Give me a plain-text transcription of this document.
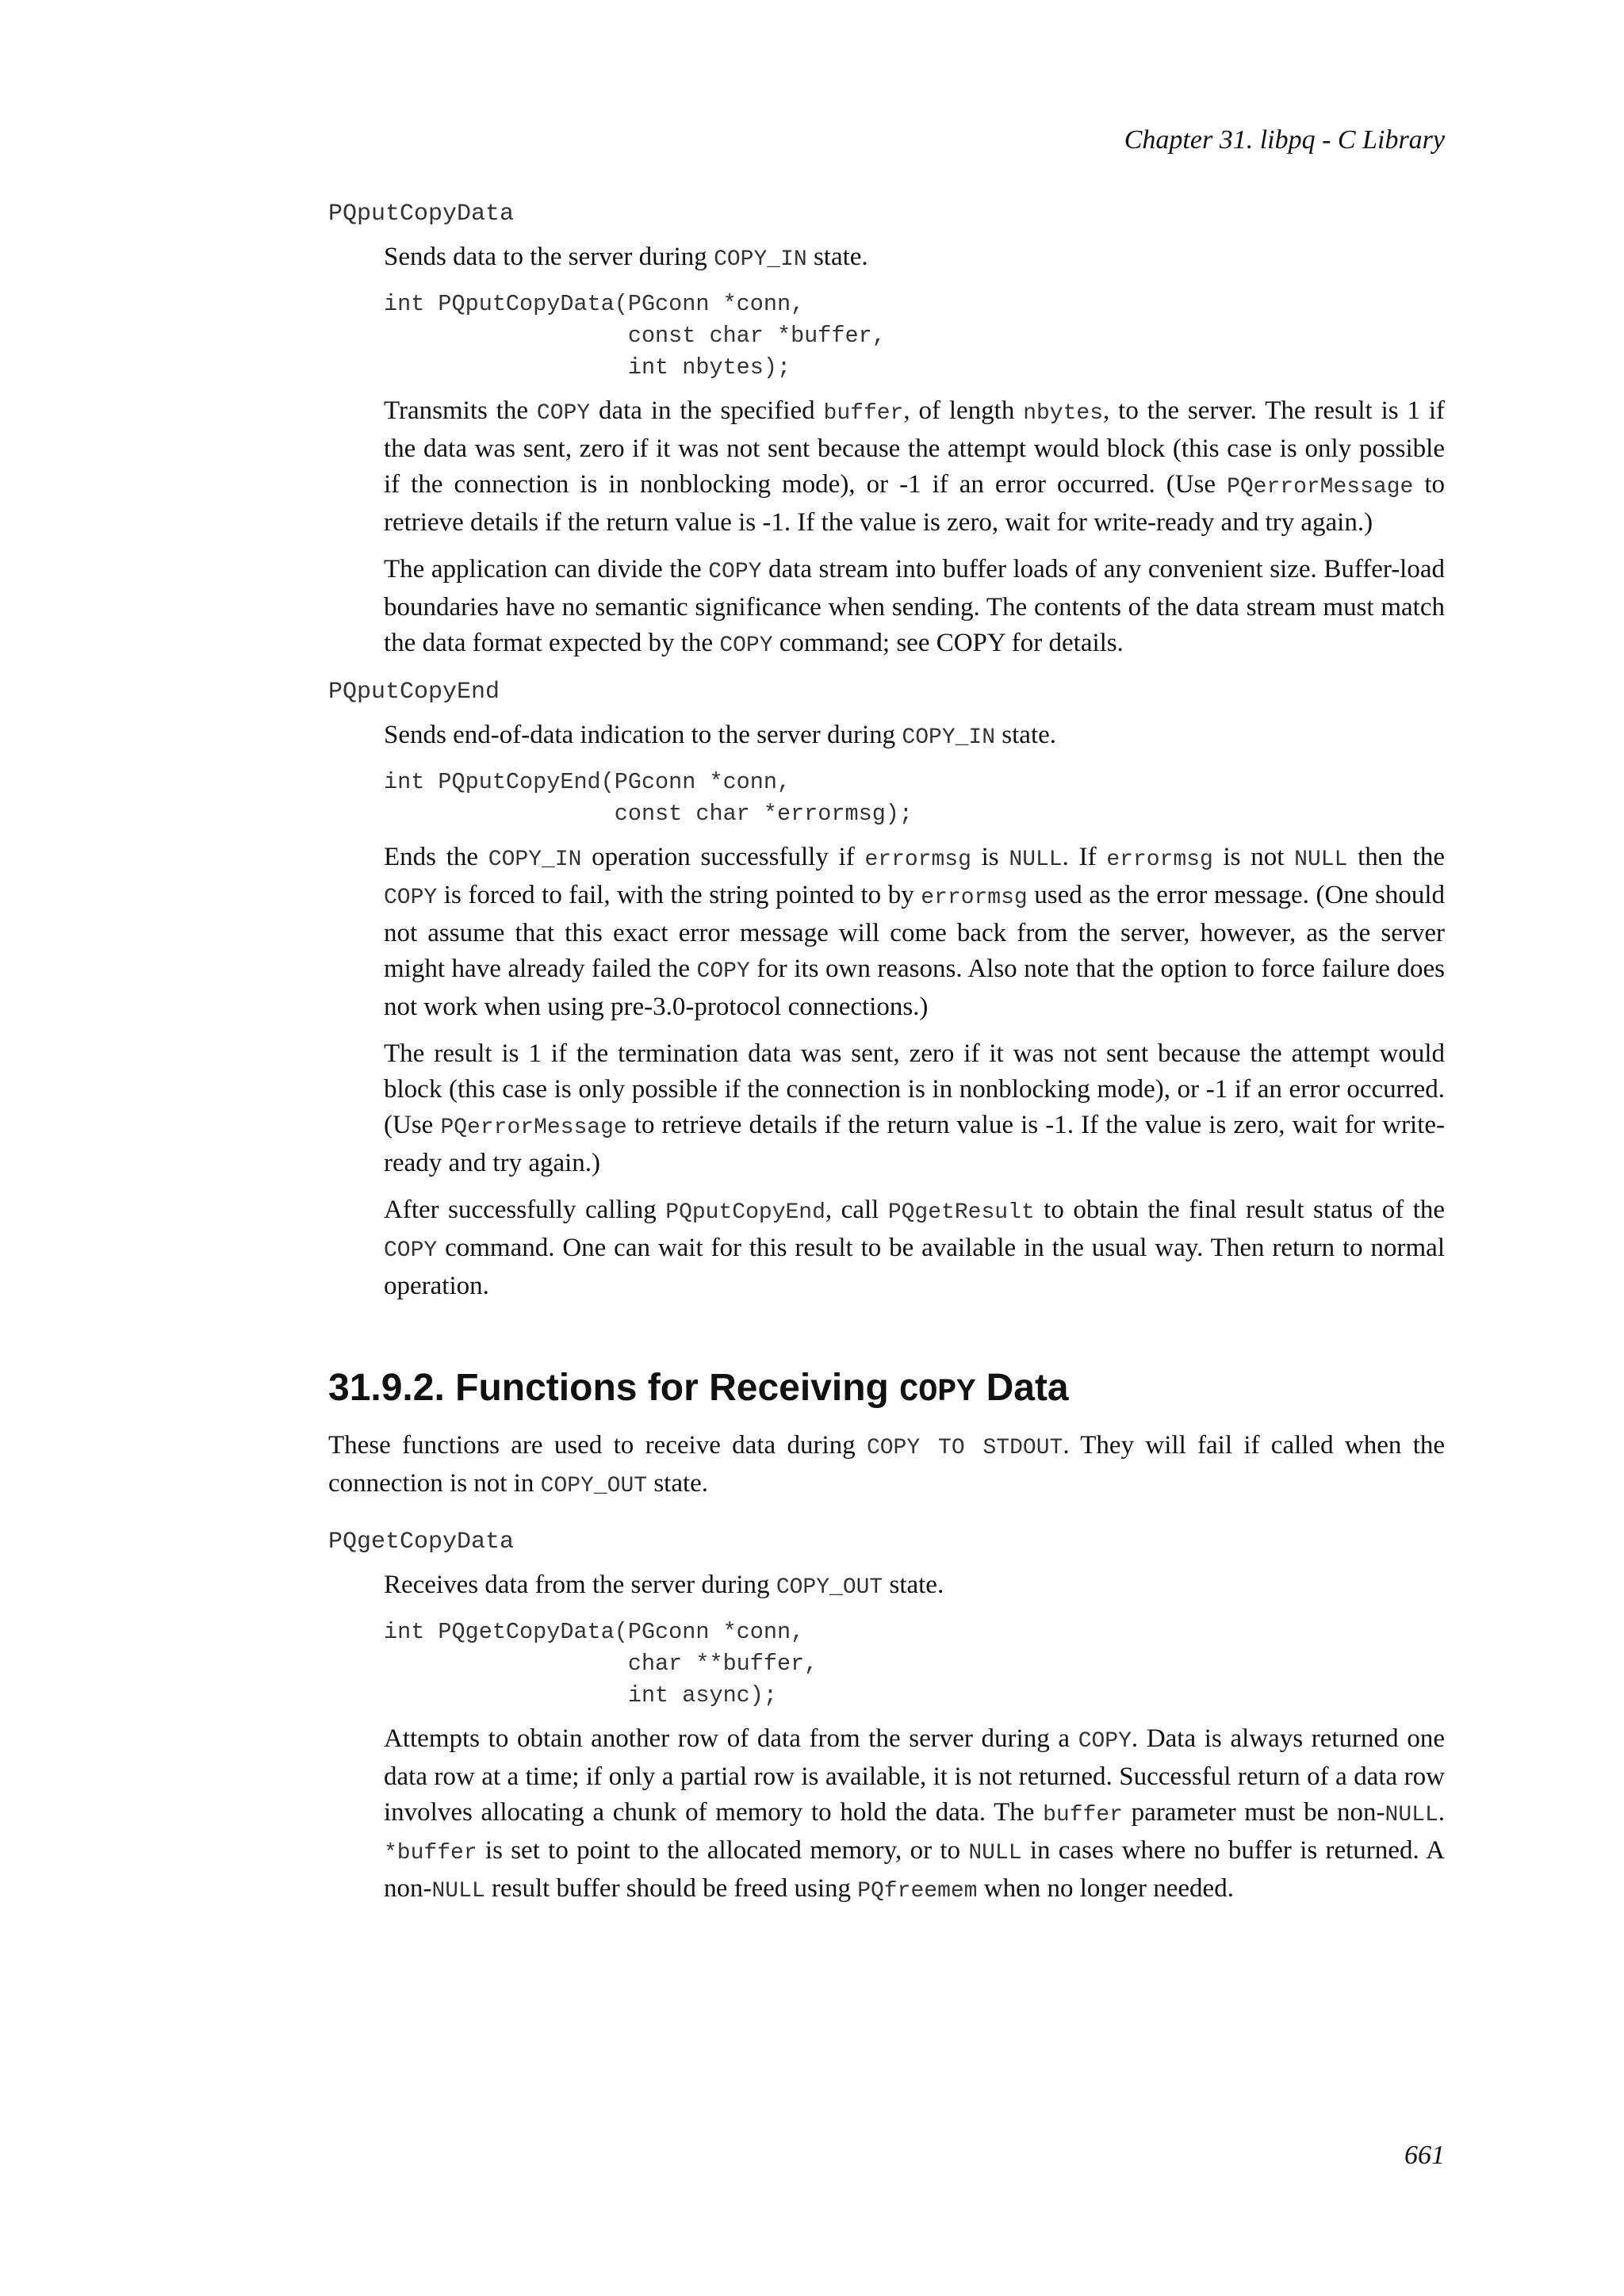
Chapter 31. libpq - C Library
PQputCopyData

Sends data to the server during COPY_IN state.

int PQputCopyData(PGconn *conn,
const char *buffer,
int nbytes);

Transmits the COPY data in the specified buffer, of length nbytes, to the server. The result is 1 if the data was sent, zero if it was not sent because the attempt would block (this case is only possible if the connection is in nonblocking mode), or -1 if an error occurred. (Use PQerrorMessage to retrieve details if the return value is -1. If the value is zero, wait for write-ready and try again.)

The application can divide the COPY data stream into buffer loads of any convenient size. Buffer-load boundaries have no semantic significance when sending. The contents of the data stream must match the data format expected by the COPY command; see COPY for details.

PQputCopyEnd

Sends end-of-data indication to the server during COPY_IN state.

int PQputCopyEnd(PGconn *conn,
const char *errormsg);

Ends the COPY_IN operation successfully if errormsg is NULL. If errormsg is not NULL then the COPY is forced to fail, with the string pointed to by errormsg used as the error message. (One should not assume that this exact error message will come back from the server, however, as the server might have already failed the COPY for its own reasons. Also note that the option to force failure does not work when using pre-3.0-protocol connections.)

The result is 1 if the termination data was sent, zero if it was not sent because the attempt would block (this case is only possible if the connection is in nonblocking mode), or -1 if an error occurred. (Use PQerrorMessage to retrieve details if the return value is -1. If the value is zero, wait for write-ready and try again.)

After successfully calling PQputCopyEnd, call PQgetResult to obtain the final result status of the COPY command. One can wait for this result to be available in the usual way. Then return to normal operation.

31.9.2. Functions for Receiving COPY Data

These functions are used to receive data during COPY TO STDOUT. They will fail if called when the connection is not in COPY_OUT state.

PQgetCopyData

Receives data from the server during COPY_OUT state.

int PQgetCopyData(PGconn *conn,
char **buffer,
int async);

Attempts to obtain another row of data from the server during a COPY. Data is always returned one data row at a time; if only a partial row is available, it is not returned. Successful return of a data row involves allocating a chunk of memory to hold the data. The buffer parameter must be non-NULL. *buffer is set to point to the allocated memory, or to NULL in cases where no buffer is returned. A non-NULL result buffer should be freed using PQfreemem when no longer needed.

661
